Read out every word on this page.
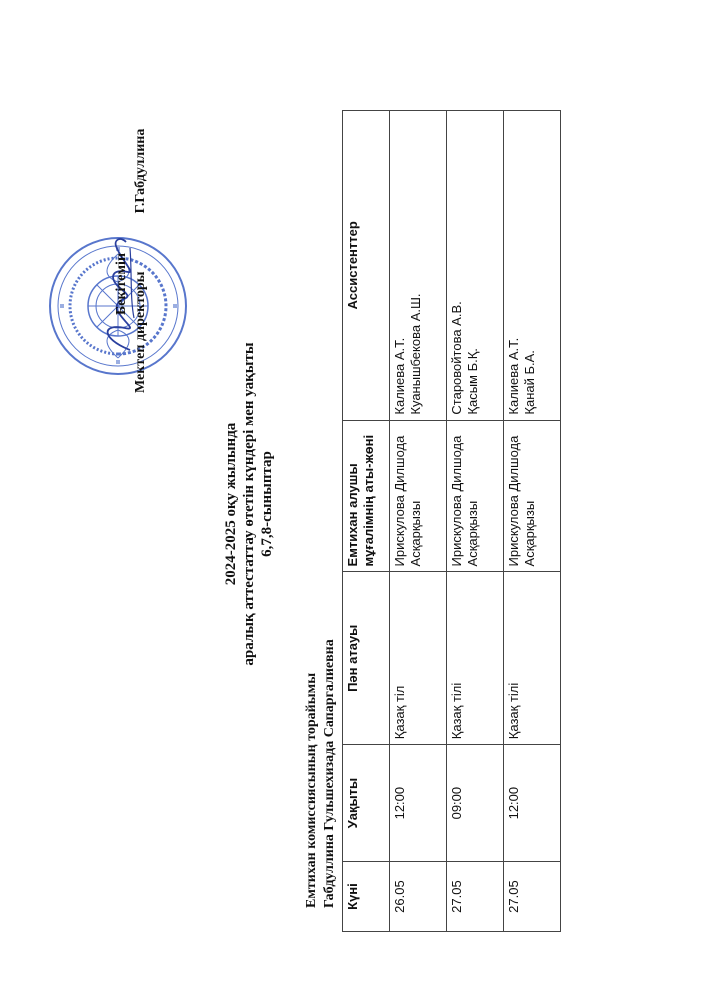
Бекітемін Мектеп директоры
Г.Габдуллина
2024-2025 оқу жылында аралық аттестаттау өтетін күндері мен уақыты 6,7,8-сыныптар
Емтихан комиссиясының торайымы Габдуллина Гульшехизада Сапаргалиевна Күні	Уақыты	Пән атауы	Емтихан алушы мұғалімнің аты-жөні	Ассистенттер
26.05	12:00	Қазақ тіл	Ирискулова Дилшода Асқарқызы	Калиева А.Т. Куанышбекова А.Ш.

27.05	09:00	Қазақ тілі	Ирискулова Дилшода Асқарқызы	Старовойтова А.В. Қасым Б.Қ.

27.05	12:00	Қазақ тілі	Ирискулова Дилшода Асқарқызы	Калиева А.Т. Қанай Б.А.
